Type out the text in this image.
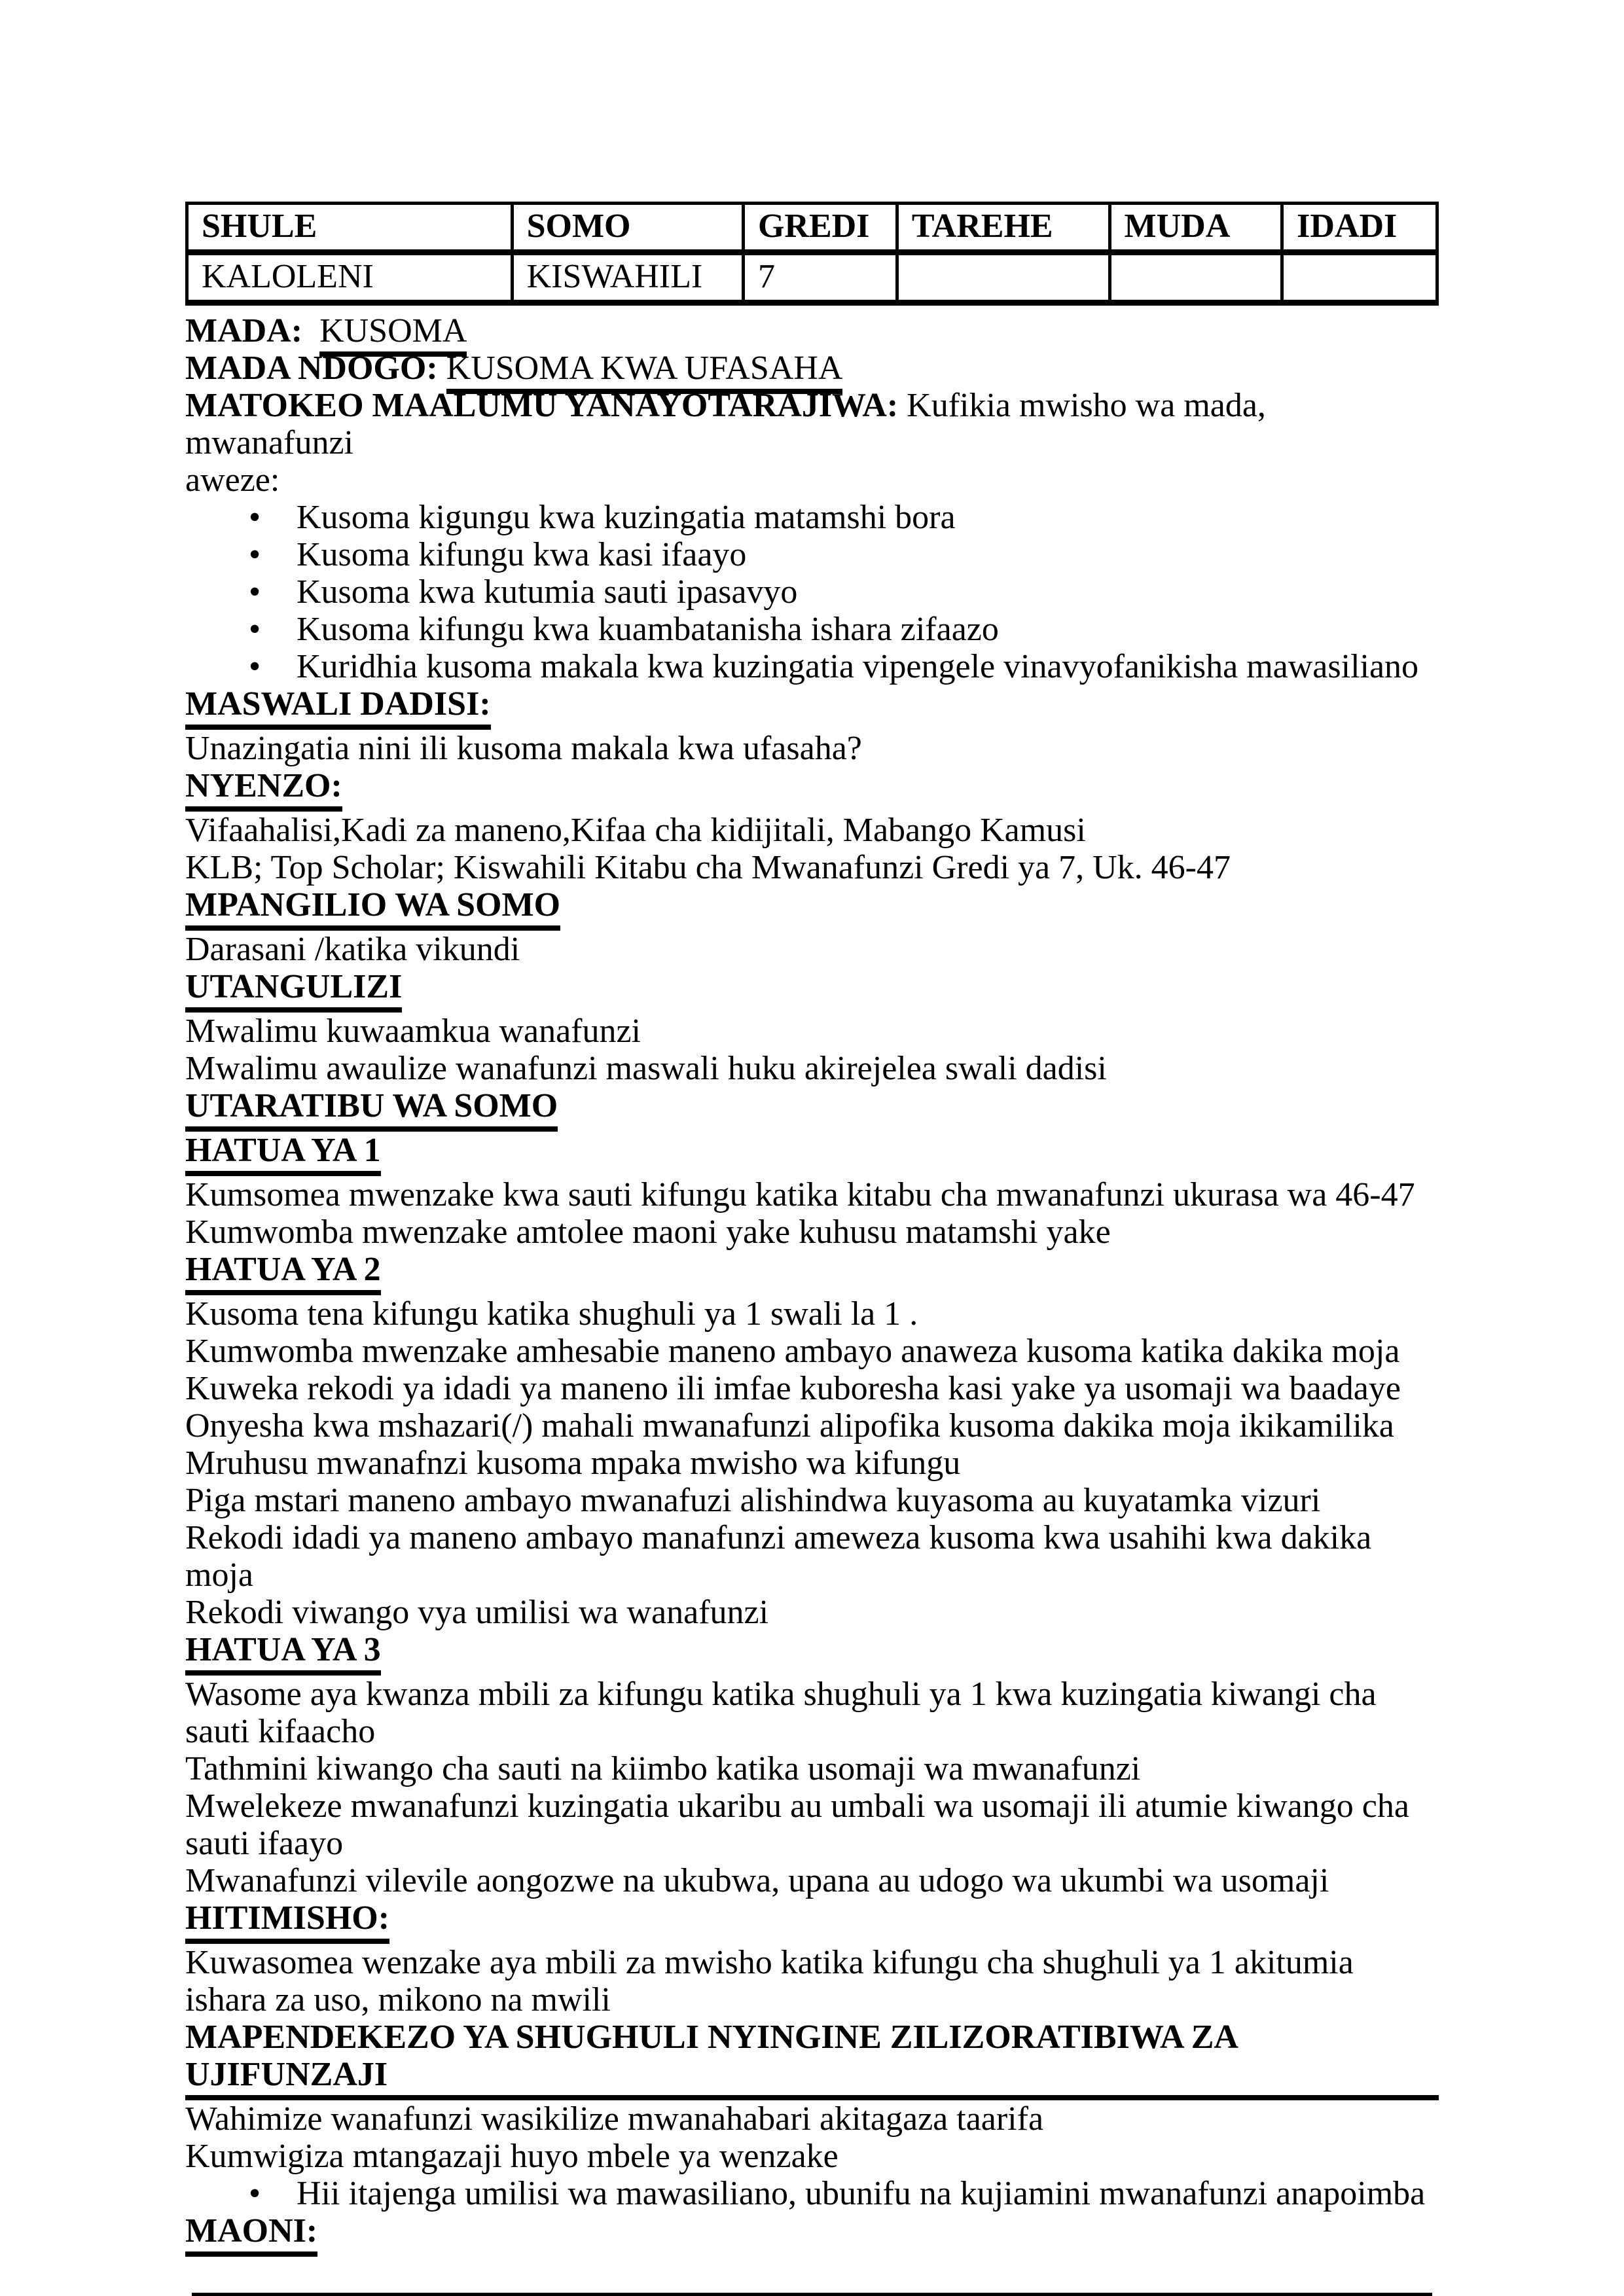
SHULE	SOMO	GREDI	TAREHE	MUDA	IDADI
KALOLENI	KISWAHILI	7			

MADA: KUSOMA

MADA NDOGO: KUSOMA KWA UFASAHA

MATOKEO MAALUMU YANAYOTARAJIWA: Kufikia mwisho wa mada, mwanafunzi
aweze:

• Kusoma kigungu kwa kuzingatia matamshi bora
• Kusoma kifungu kwa kasi ifaayo
• Kusoma kwa kutumia sauti ipasavyo
• Kusoma kifungu kwa kuambatanisha ishara zifaazo
• Kuridhia kusoma makala kwa kuzingatia vipengele vinavyofanikisha mawasiliano

MASWALI DADISI:

Unazingatia nini ili kusoma makala kwa ufasaha?

NYENZO:

Vifaahalisi,Kadi za maneno,Kifaa cha kidijitali, Mabango Kamusi

KLB; Top Scholar; Kiswahili Kitabu cha Mwanafunzi Gredi ya 7, Uk. 46-47

MPANGILIO WA SOMO

Darasani /katika vikundi

UTANGULIZI

Mwalimu kuwaamkua wanafunzi

Mwalimu awaulize wanafunzi maswali huku akirejelea swali dadisi

UTARATIBU WA SOMO

HATUA YA 1

Kumsomea mwenzake kwa sauti kifungu katika kitabu cha mwanafunzi ukurasa wa 46-47

Kumwomba mwenzake amtolee maoni yake kuhusu matamshi yake

HATUA YA 2

Kusoma tena kifungu katika shughuli ya 1 swali la 1 .

Kumwomba mwenzake amhesabie maneno ambayo anaweza kusoma katika dakika moja

Kuweka rekodi ya idadi ya maneno ili imfae kuboresha kasi yake ya usomaji wa baadaye

Onyesha kwa mshazari(/) mahali mwanafunzi alipofika kusoma dakika moja ikikamilika

Mruhusu mwanafnzi kusoma mpaka mwisho wa kifungu

Piga mstari maneno ambayo mwanafuzi alishindwa kuyasoma au kuyatamka vizuri

Rekodi idadi ya maneno ambayo manafunzi ameweza kusoma kwa usahihi kwa dakika moja

Rekodi viwango vya umilisi wa wanafunzi

HATUA YA 3

Wasome aya kwanza mbili za kifungu katika shughuli ya 1 kwa kuzingatia kiwangi cha sauti kifaacho

Tathmini kiwango cha sauti na kiimbo katika usomaji wa mwanafunzi

Mwelekeze mwanafunzi kuzingatia ukaribu au umbali wa usomaji ili atumie kiwango cha sauti ifaayo

Mwanafunzi vilevile aongozwe na ukubwa, upana au udogo wa ukumbi wa usomaji

HITIMISHO:

Kuwasomea wenzake aya mbili za mwisho katika kifungu cha shughuli ya 1 akitumia ishara za uso, mikono na mwili

MAPENDEKEZO YA SHUGHULI NYINGINE ZILIZORATIBIWA ZA UJIFUNZAJI

Wahimize wanafunzi wasikilize mwanahabari akitagaza taarifa

Kumwigiza mtangazaji huyo mbele ya wenzake

• Hii itajenga umilisi wa mawasiliano, ubunifu na kujiamini mwanafunzi anapoimba

MAONI:
